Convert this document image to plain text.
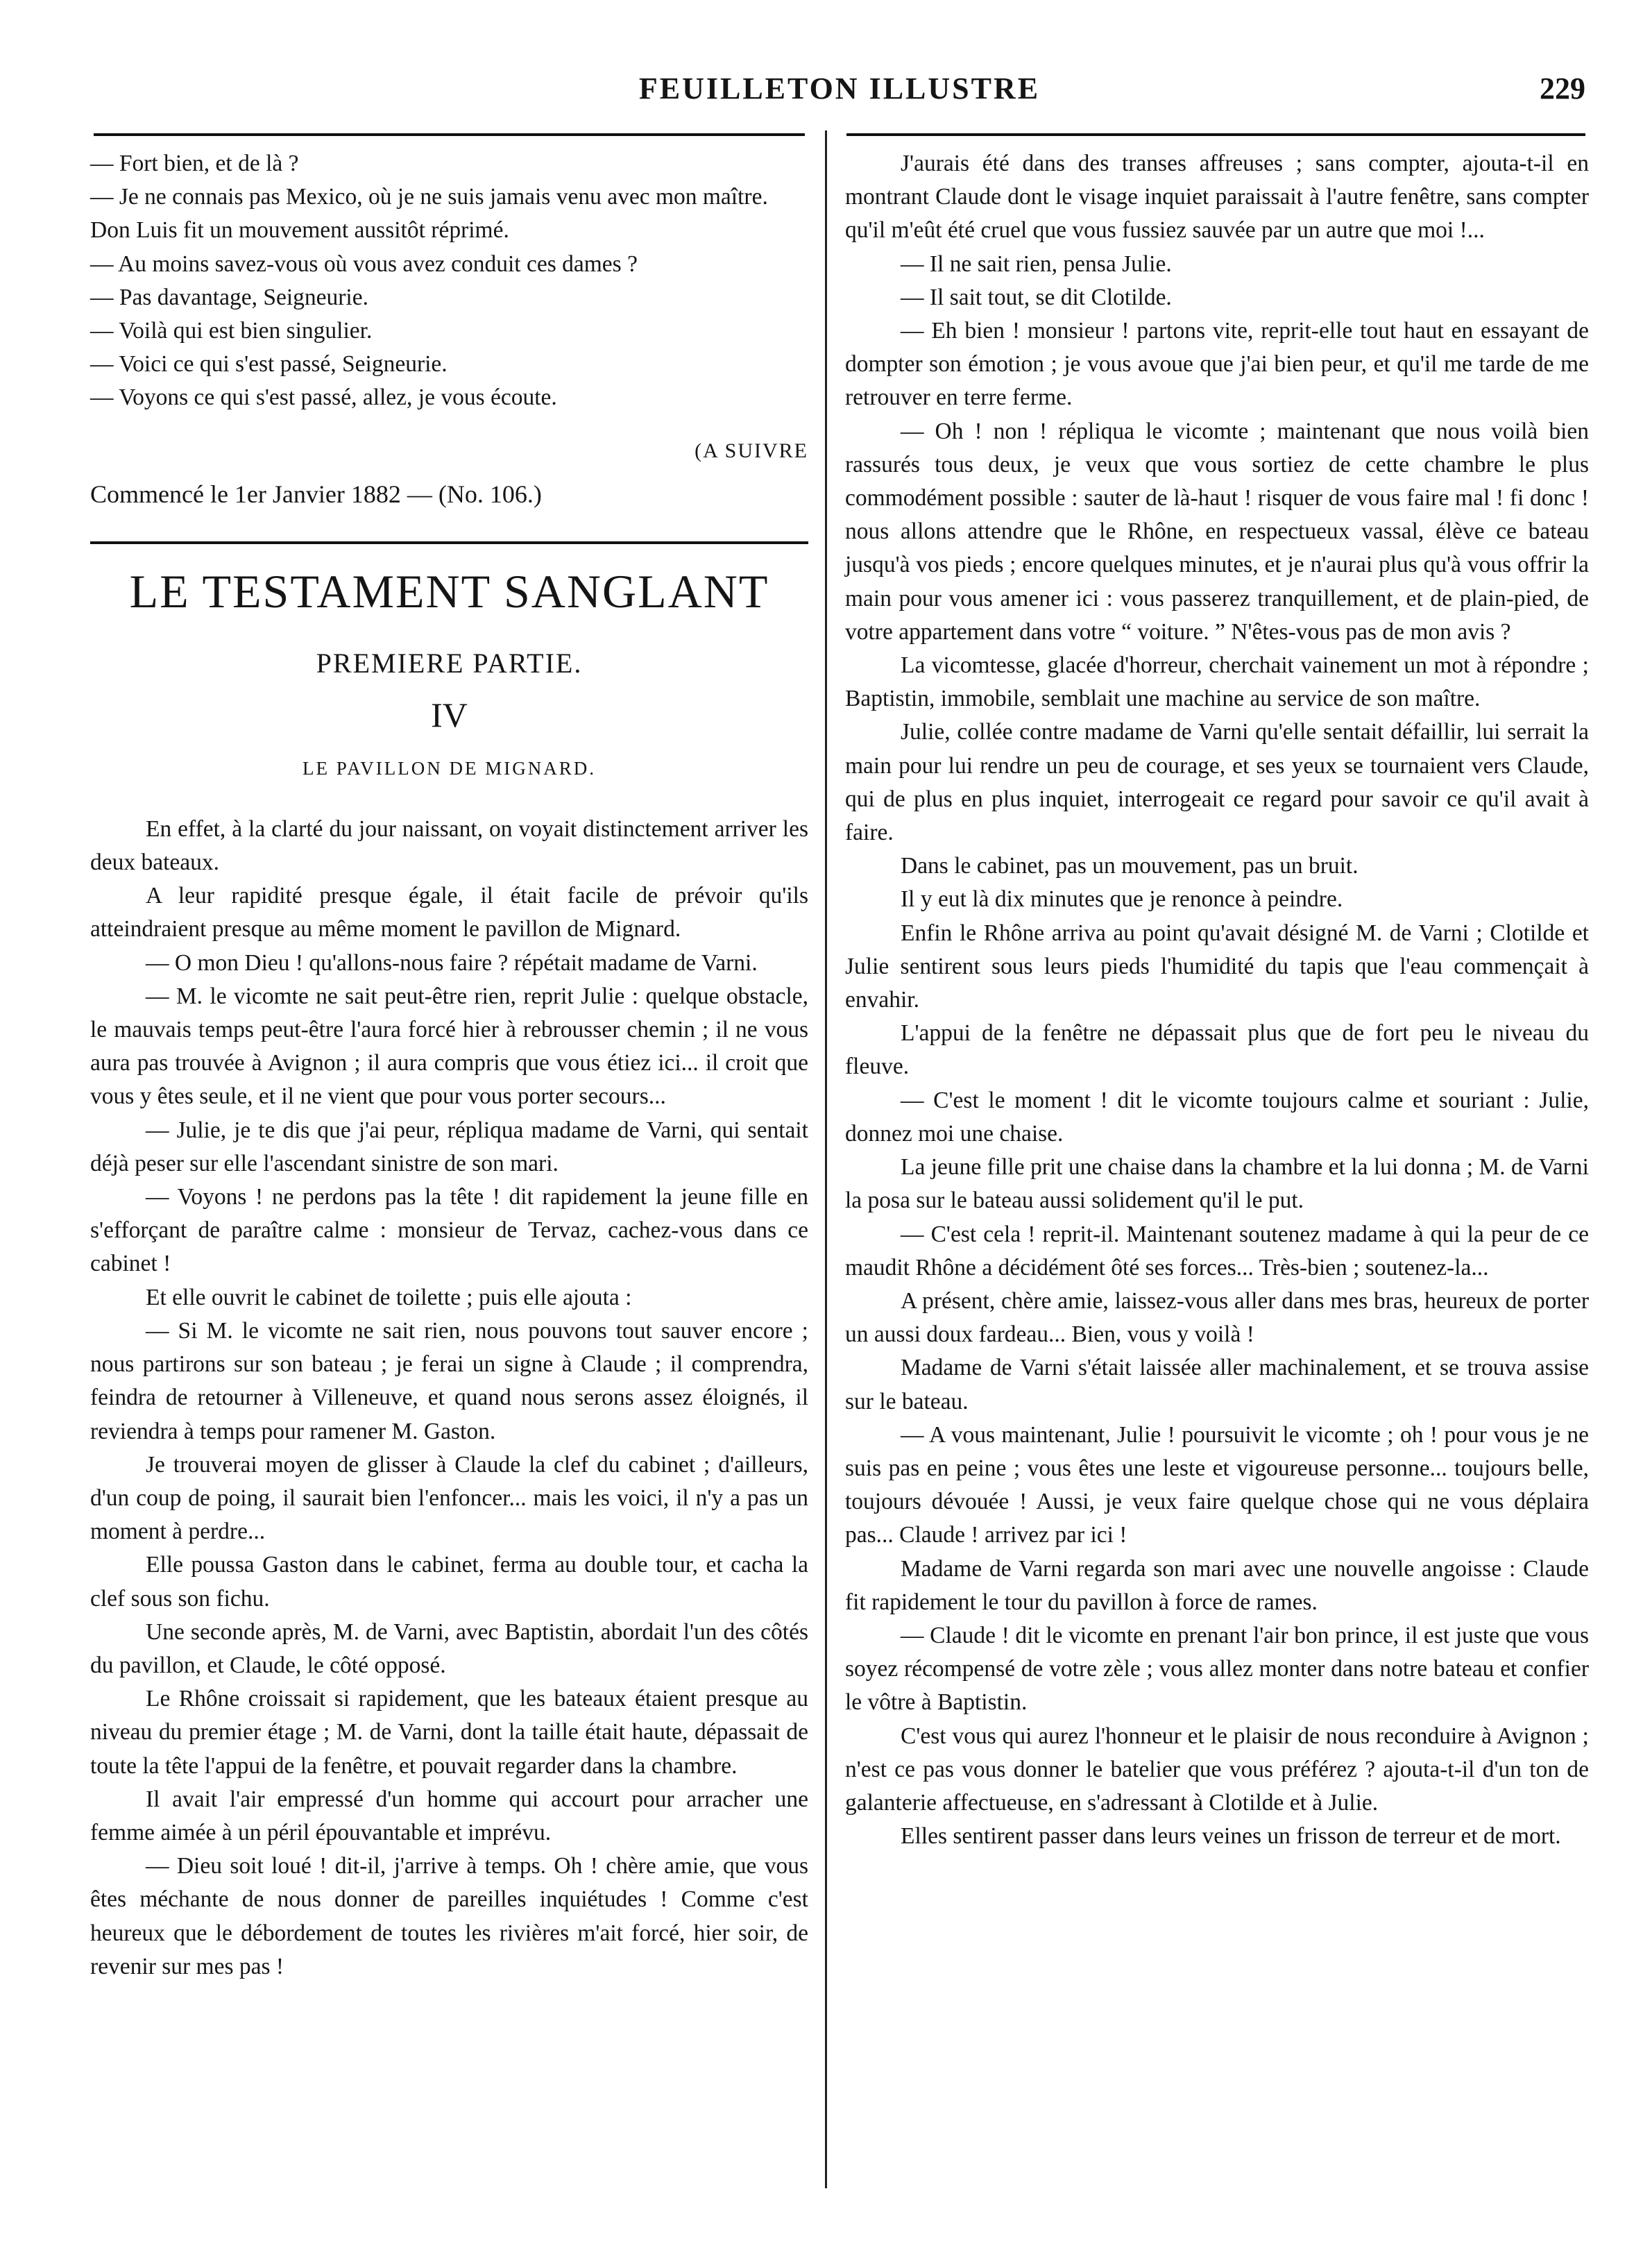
FEUILLETON ILLUSTRE	229

— Fort bien, et de là ?

— Je ne connais pas Mexico, où je ne suis jamais venu avec mon maître.

Don Luis fit un mouvement aussitôt réprimé.

— Au moins savez-vous où vous avez conduit ces dames ?

— Pas davantage, Seigneurie.

— Voilà qui est bien singulier.

— Voici ce qui s'est passé, Seigneurie.

— Voyons ce qui s'est passé, allez, je vous écoute.

(A SUIVRE
Commencé le 1er Janvier 1882 — (No. 106.)
LE TESTAMENT SANGLANT
PREMIERE PARTIE.
IV
LE PAVILLON DE MIGNARD.

En effet, à la clarté du jour naissant, on voyait distinctement arriver les deux bateaux.

A leur rapidité presque égale, il était facile de prévoir qu'ils atteindraient presque au même moment le pavillon de Mignard.

— O mon Dieu ! qu'allons-nous faire ? répétait madame de Varni.

— M. le vicomte ne sait peut-être rien, reprit Julie : quelque obstacle, le mauvais temps peut-être l'aura forcé hier à rebrousser chemin ; il ne vous aura pas trouvée à Avignon ; il aura compris que vous étiez ici... il croit que vous y êtes seule, et il ne vient que pour vous porter secours...

— Julie, je te dis que j'ai peur, répliqua madame de Varni, qui sentait déjà peser sur elle l'ascendant sinistre de son mari.

— Voyons ! ne perdons pas la tête ! dit rapidement la jeune fille en s'efforçant de paraître calme : monsieur de Tervaz, cachez-vous dans ce cabinet !

Et elle ouvrit le cabinet de toilette ; puis elle ajouta :

— Si M. le vicomte ne sait rien, nous pouvons tout sauver encore ; nous partirons sur son bateau ; je ferai un signe à Claude ; il comprendra, feindra de retourner à Villeneuve, et quand nous serons assez éloignés, il reviendra à temps pour ramener M. Gaston.

Je trouverai moyen de glisser à Claude la clef du cabinet ; d'ailleurs, d'un coup de poing, il saurait bien l'enfoncer... mais les voici, il n'y a pas un moment à perdre...

Elle poussa Gaston dans le cabinet, ferma au double tour, et cacha la clef sous son fichu.

Une seconde après, M. de Varni, avec Baptistin, abordait l'un des côtés du pavillon, et Claude, le côté opposé.

Le Rhône croissait si rapidement, que les bateaux étaient presque au niveau du premier étage ; M. de Varni, dont la taille était haute, dépassait de toute la tête l'appui de la fenêtre, et pouvait regarder dans la chambre.

Il avait l'air empressé d'un homme qui accourt pour arracher une femme aimée à un péril épouvantable et imprévu.

— Dieu soit loué ! dit-il, j'arrive à temps. Oh ! chère amie, que vous êtes méchante de nous donner de pareilles inquiétudes ! Comme c'est heureux que le débordement de toutes les rivières m'ait forcé, hier soir, de revenir sur mes pas !

J'aurais été dans des transes affreuses ; sans compter, ajouta-t-il en montrant Claude dont le visage inquiet paraissait à l'autre fenêtre, sans compter qu'il m'eût été cruel que vous fussiez sauvée par un autre que moi !...

— Il ne sait rien, pensa Julie.

— Il sait tout, se dit Clotilde.

— Eh bien ! monsieur ! partons vite, reprit-elle tout haut en essayant de dompter son émotion ; je vous avoue que j'ai bien peur, et qu'il me tarde de me retrouver en terre ferme.

— Oh ! non ! répliqua le vicomte ; maintenant que nous voilà bien rassurés tous deux, je veux que vous sortiez de cette chambre le plus commodément possible : sauter de là-haut ! risquer de vous faire mal ! fi donc ! nous allons attendre que le Rhône, en respectueux vassal, élève ce bateau jusqu'à vos pieds ; encore quelques minutes, et je n'aurai plus qu'à vous offrir la main pour vous amener ici : vous passerez tranquillement, et de plain-pied, de votre appartement dans votre “ voiture. ” N'êtes-vous pas de mon avis ?

La vicomtesse, glacée d'horreur, cherchait vainement un mot à répondre ; Baptistin, immobile, semblait une machine au service de son maître.

Julie, collée contre madame de Varni qu'elle sentait défaillir, lui serrait la main pour lui rendre un peu de courage, et ses yeux se tournaient vers Claude, qui de plus en plus inquiet, interrogeait ce regard pour savoir ce qu'il avait à faire.

Dans le cabinet, pas un mouvement, pas un bruit.

Il y eut là dix minutes que je renonce à peindre.

Enfin le Rhône arriva au point qu'avait désigné M. de Varni ; Clotilde et Julie sentirent sous leurs pieds l'humidité du tapis que l'eau commençait à envahir.

L'appui de la fenêtre ne dépassait plus que de fort peu le niveau du fleuve.

— C'est le moment ! dit le vicomte toujours calme et souriant : Julie, donnez moi une chaise.

La jeune fille prit une chaise dans la chambre et la lui donna ; M. de Varni la posa sur le bateau aussi solidement qu'il le put.

— C'est cela ! reprit-il. Maintenant soutenez madame à qui la peur de ce maudit Rhône a décidément ôté ses forces... Très-bien ; soutenez-la...

A présent, chère amie, laissez-vous aller dans mes bras, heureux de porter un aussi doux fardeau... Bien, vous y voilà !

Madame de Varni s'était laissée aller machinalement, et se trouva assise sur le bateau.

— A vous maintenant, Julie ! poursuivit le vicomte ; oh ! pour vous je ne suis pas en peine ; vous êtes une leste et vigoureuse personne... toujours belle, toujours dévouée ! Aussi, je veux faire quelque chose qui ne vous déplaira pas... Claude ! arrivez par ici !

Madame de Varni regarda son mari avec une nouvelle angoisse : Claude fit rapidement le tour du pavillon à force de rames.

— Claude ! dit le vicomte en prenant l'air bon prince, il est juste que vous soyez récompensé de votre zèle ; vous allez monter dans notre bateau et confier le vôtre à Baptistin.

C'est vous qui aurez l'honneur et le plaisir de nous reconduire à Avignon ; n'est ce pas vous donner le batelier que vous préférez ? ajouta-t-il d'un ton de galanterie affectueuse, en s'adressant à Clotilde et à Julie.

Elles sentirent passer dans leurs veines un frisson de terreur et de mort.
